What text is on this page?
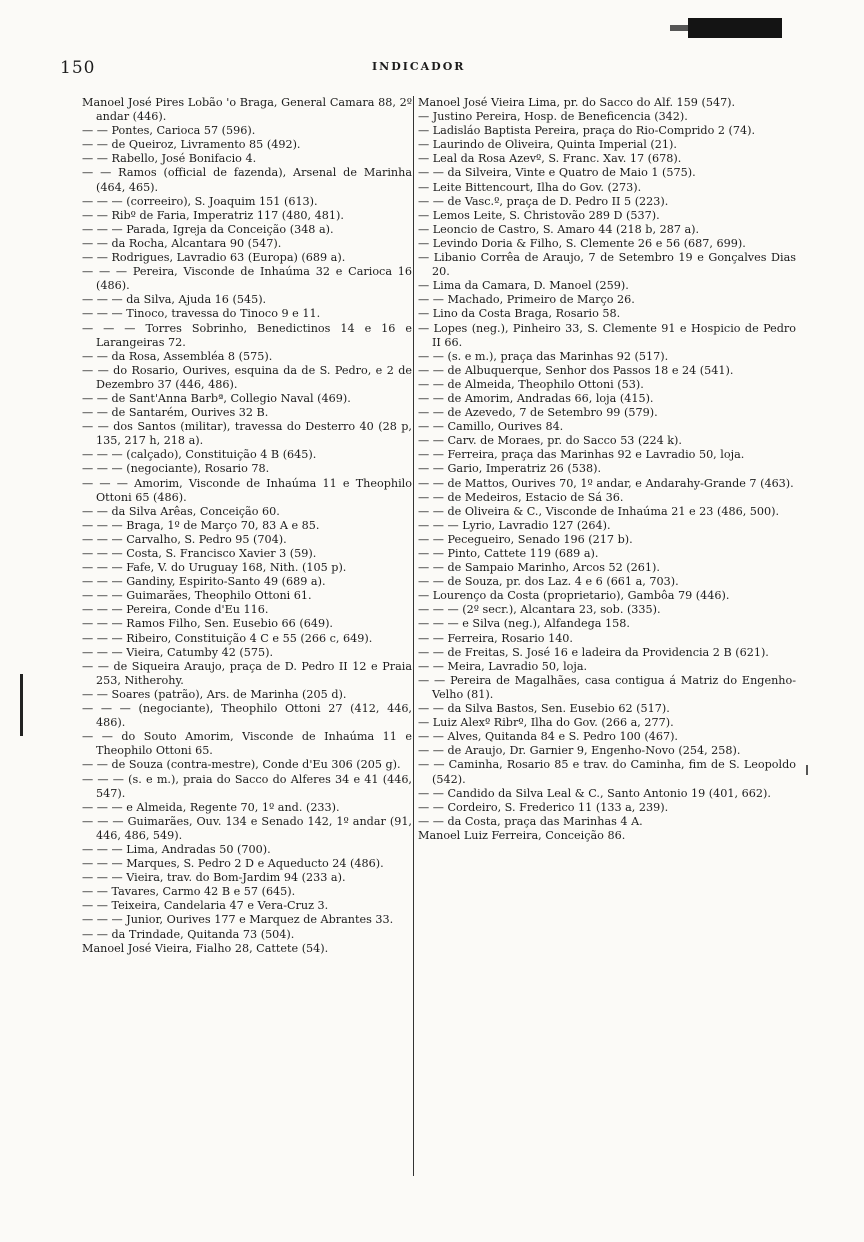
150	INDICADOR
Manoel José Pires Lobão 'o Braga, General Camara 88, 2º andar (446).
— — Pontes, Carioca 57 (596).
— — de Queiroz, Livramento 85 (492).
— — Rabello, José Bonifacio 4.
— — Ramos (official de fazenda), Arsenal de Marinha (464, 465).
— — — (correeiro), S. Joaquim 151 (613).
— — Ribº de Faria, Imperatriz 117 (480, 481).
— — — Parada, Igreja da Conceição (348 a).
— — da Rocha, Alcantara 90 (547).
— — Rodrigues, Lavradio 63 (Europa) (689 a).
— — — Pereira, Visconde de Inhaúma 32 e Carioca 16 (486).
— — — da Silva, Ajuda 16 (545).
— — — Tinoco, travessa do Tinoco 9 e 11.
— — — Torres Sobrinho, Benedictinos 14 e 16 e Larangeiras 72.
— — da Rosa, Assembléa 8 (575).
— — do Rosario, Ourives, esquina da de S. Pedro, e 2 de Dezembro 37 (446, 486).
— — de Sant'Anna Barbª, Collegio Naval (469).
— — de Santarém, Ourives 32 B.
— — dos Santos (militar), travessa do Desterro 40 (28 p, 135, 217 h, 218 a).
— — — (calçado), Constituição 4 B (645).
— — — (negociante), Rosario 78.
— — — Amorim, Visconde de Inhaúma 11 e Theophilo Ottoni 65 (486).
— — da Silva Arêas, Conceição 60.
— — — Braga, 1º de Março 70, 83 A e 85.
— — — Carvalho, S. Pedro 95 (704).
— — — Costa, S. Francisco Xavier 3 (59).
— — — Fafe, V. do Uruguay 168, Nith. (105 p).
— — — Gandiny, Espirito-Santo 49 (689 a).
— — — Guimarães, Theophilo Ottoni 61.
— — — Pereira, Conde d'Eu 116.
— — — Ramos Filho, Sen. Eusebio 66 (649).
— — — Ribeiro, Constituição 4 C e 55 (266 c, 649).
— — — Vieira, Catumby 42 (575).
— — de Siqueira Araujo, praça de D. Pedro II 12 e Praia 253, Nitherohy.
— — Soares (patrão), Ars. de Marinha (205 d).
— — — (negociante), Theophilo Ottoni 27 (412, 446, 486).
— — do Souto Amorim, Visconde de Inhaúma 11 e Theophilo Ottoni 65.
— — de Souza (contra-mestre), Conde d'Eu 306 (205 g).
— — — (s. e m.), praia do Sacco do Alferes 34 e 41 (446, 547).
— — — e Almeida, Regente 70, 1º and. (233).
— — — Guimarães, Ouv. 134 e Senado 142, 1º andar (91, 446, 486, 549).
— — — Lima, Andradas 50 (700).
— — — Marques, S. Pedro 2 D e Aqueducto 24 (486).
— — — Vieira, trav. do Bom-Jardim 94 (233 a).
— — Tavares, Carmo 42 B e 57 (645).
— — Teixeira, Candelaria 47 e Vera-Cruz 3.
— — — Junior, Ourives 177 e Marquez de Abrantes 33.
— — da Trindade, Quitanda 73 (504).
Manoel José Vieira, Fialho 28, Cattete (54).
Manoel José Vieira Lima, pr. do Sacco do Alf. 159 (547).
— Justino Pereira, Hosp. de Beneficencia (342).
— Ladisláo Baptista Pereira, praça do Rio-Comprido 2 (74).
— Laurindo de Oliveira, Quinta Imperial (21).
— Leal da Rosa Azevº, S. Franc. Xav. 17 (678).
— — da Silveira, Vinte e Quatro de Maio 1 (575).
— Leite Bittencourt, Ilha do Gov. (273).
— — de Vasc.º, praça de D. Pedro II 5 (223).
— Lemos Leite, S. Christovão 289 D (537).
— Leoncio de Castro, S. Amaro 44 (218 b, 287 a).
— Levindo Doria & Filho, S. Clemente 26 e 56 (687, 699).
— Libanio Corrêa de Araujo, 7 de Setembro 19 e Gonçalves Dias 20.
— Lima da Camara, D. Manoel (259).
— — Machado, Primeiro de Março 26.
— Lino da Costa Braga, Rosario 58.
— Lopes (neg.), Pinheiro 33, S. Clemente 91 e Hospicio de Pedro II 66.
— — (s. e m.), praça das Marinhas 92 (517).
— — de Albuquerque, Senhor dos Passos 18 e 24 (541).
— — de Almeida, Theophilo Ottoni (53).
— — de Amorim, Andradas 66, loja (415).
— — de Azevedo, 7 de Setembro 99 (579).
— — Camillo, Ourives 84.
— — Carv. de Moraes, pr. do Sacco 53 (224 k).
— — Ferreira, praça das Marinhas 92 e Lavradio 50, loja.
— — Gario, Imperatriz 26 (538).
— — de Mattos, Ourives 70, 1º andar, e Andarahy-Grande 7 (463).
— — de Medeiros, Estacio de Sá 36.
— — de Oliveira & C., Visconde de Inhaúma 21 e 23 (486, 500).
— — — Lyrio, Lavradio 127 (264).
— — Pecegueiro, Senado 196 (217 b).
— — Pinto, Cattete 119 (689 a).
— — de Sampaio Marinho, Arcos 52 (261).
— — de Souza, pr. dos Laz. 4 e 6 (661 a, 703).
— Lourenço da Costa (proprietario), Gambôa 79 (446).
— — — (2º secr.), Alcantara 23, sob. (335).
— — — e Silva (neg.), Alfandega 158.
— — Ferreira, Rosario 140.
— — de Freitas, S. José 16 e ladeira da Providencia 2 B (621).
— — Meira, Lavradio 50, loja.
— — Pereira de Magalhães, casa contigua á Matriz do Engenho-Velho (81).
— — da Silva Bastos, Sen. Eusebio 62 (517).
— Luiz Alexº Ribrº, Ilha do Gov. (266 a, 277).
— — Alves, Quitanda 84 e S. Pedro 100 (467).
— — de Araujo, Dr. Garnier 9, Engenho-Novo (254, 258).
— — Caminha, Rosario 85 e trav. do Caminha, fim de S. Leopoldo (542).
— — Candido da Silva Leal & C., Santo Antonio 19 (401, 662).
— — Cordeiro, S. Frederico 11 (133 a, 239).
— — da Costa, praça das Marinhas 4 A.
Manoel Luiz Ferreira, Conceição 86.
